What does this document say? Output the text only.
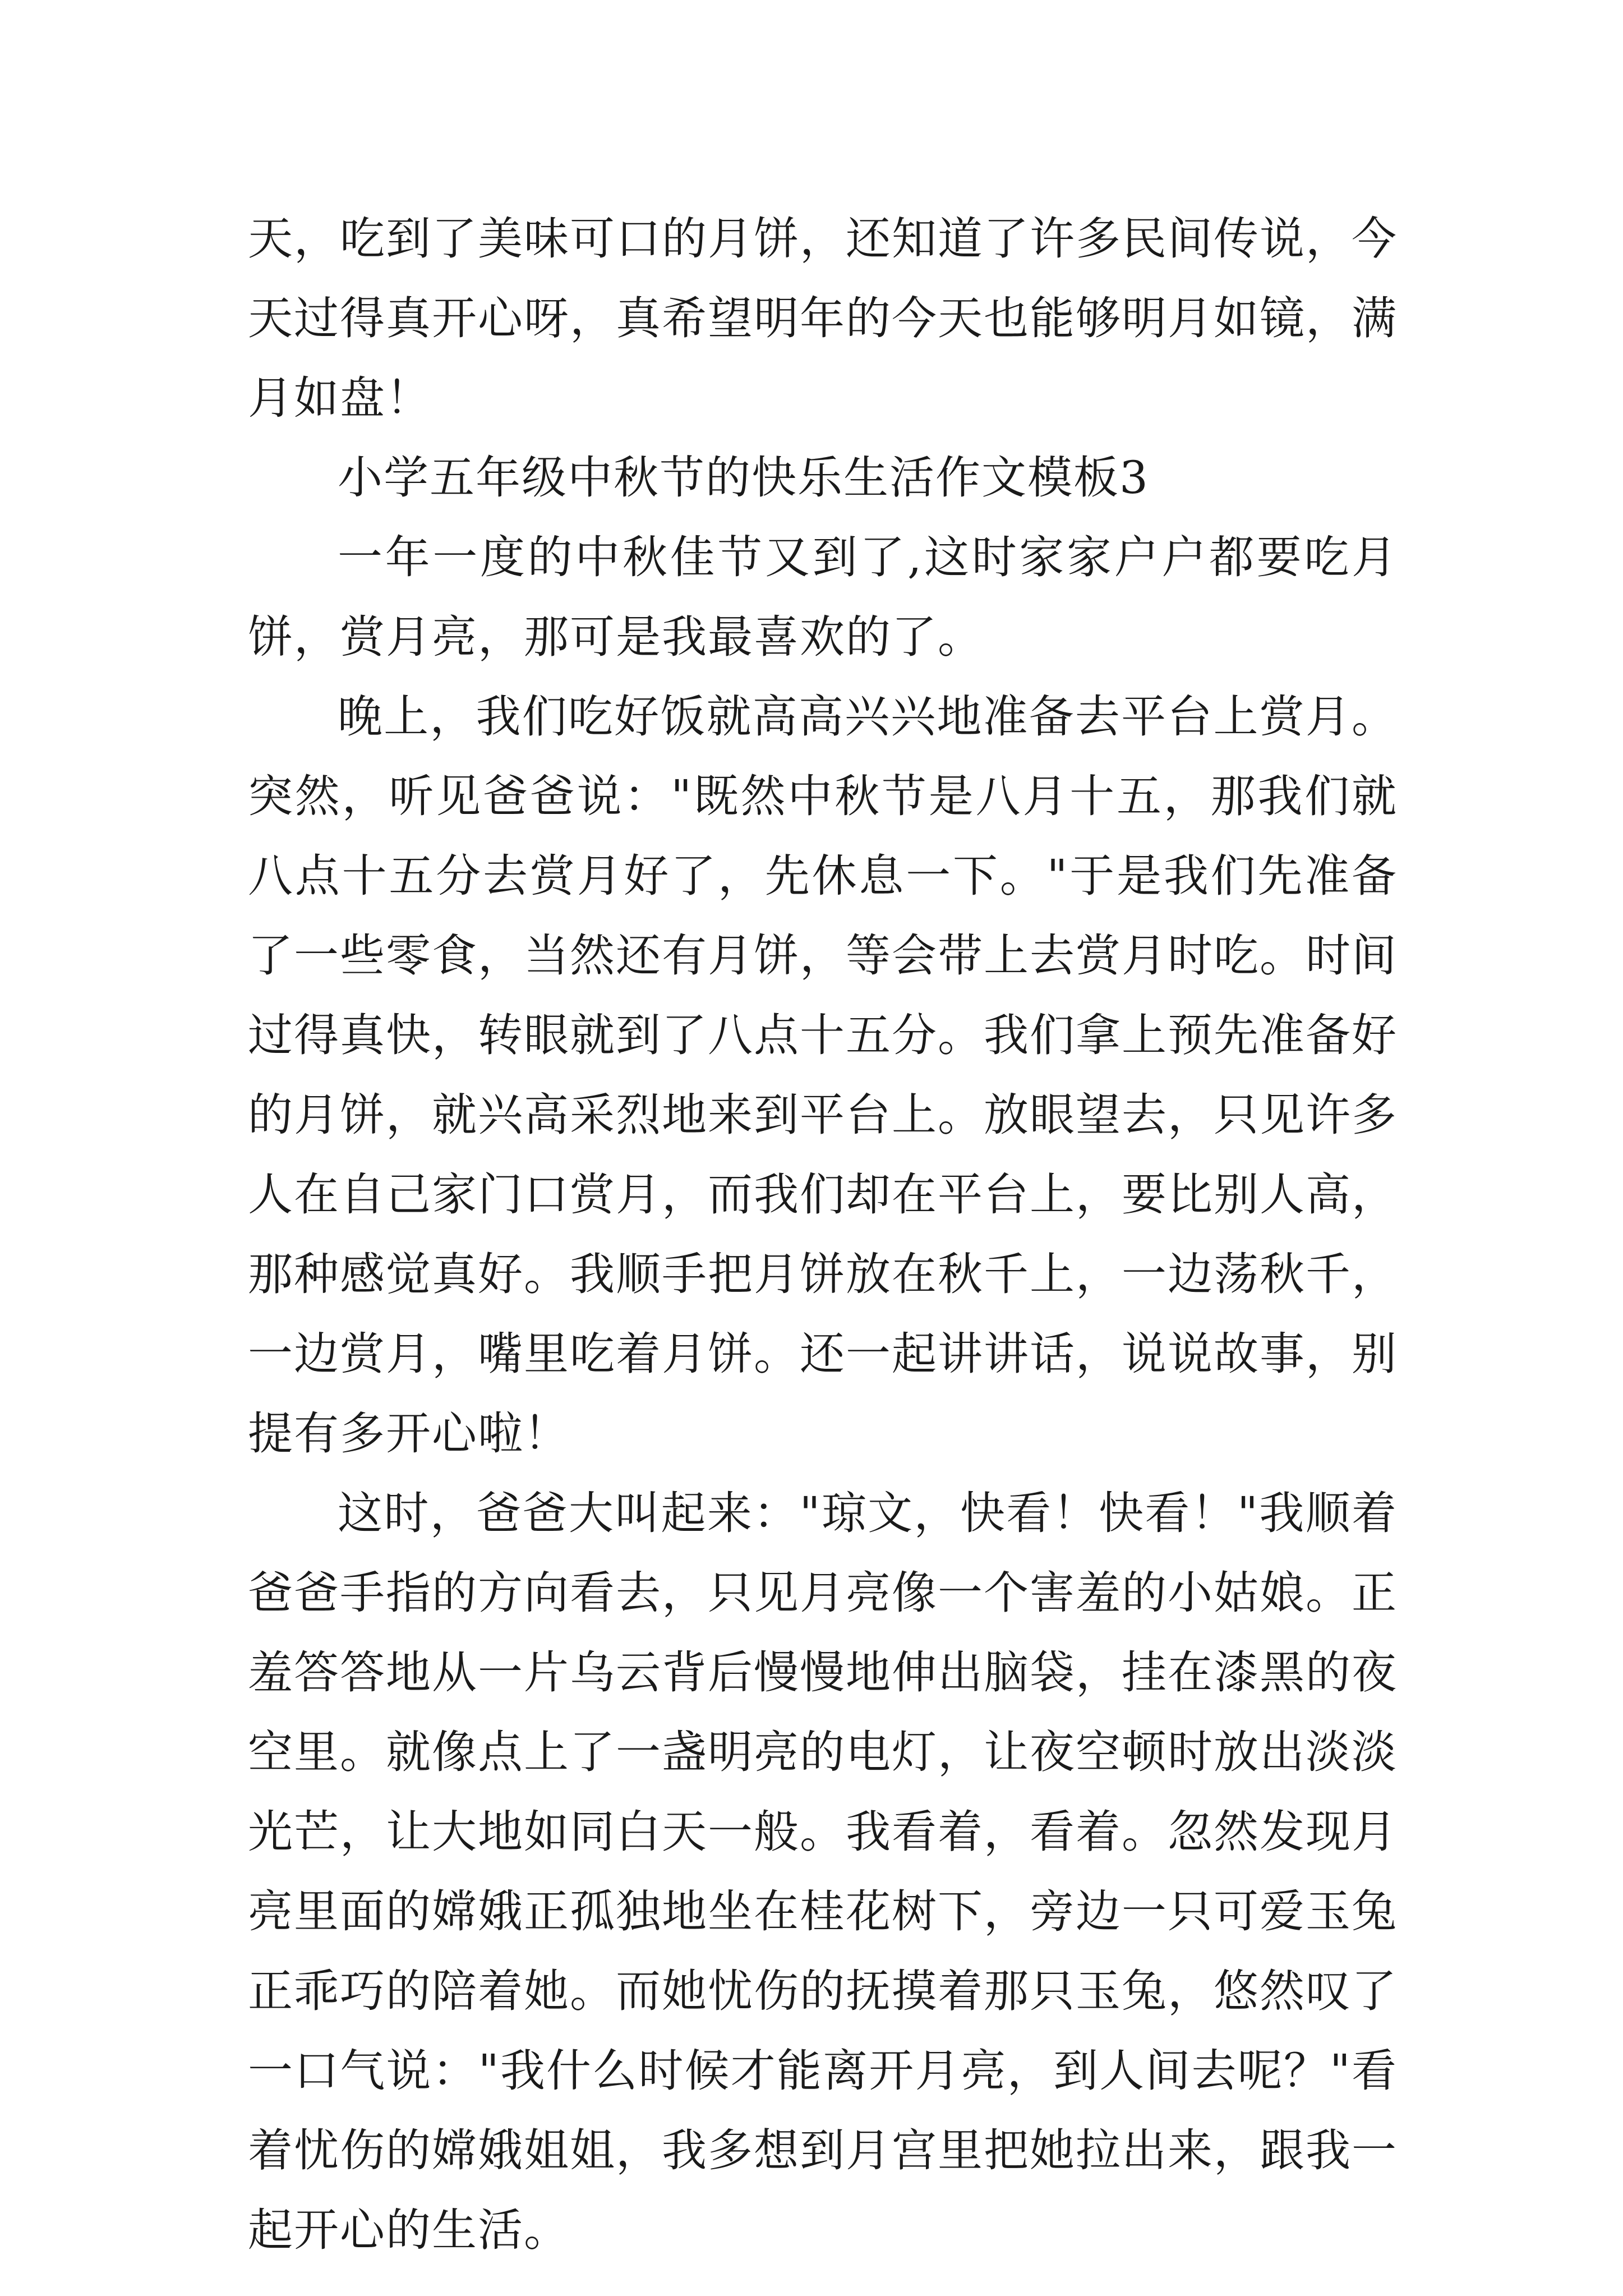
天，吃到了美味可口的月饼，还知道了许多民间传说，今天过得真开心呀，真希望明年的今天也能够明月如镜，满月如盘！

小学五年级中秋节的快乐生活作文模板3

一年一度的中秋佳节又到了,这时家家户户都要吃月饼，赏月亮，那可是我最喜欢的了。

晚上，我们吃好饭就高高兴兴地准备去平台上赏月。突然，听见爸爸说："既然中秋节是八月十五，那我们就八点十五分去赏月好了，先休息一下。"于是我们先准备了一些零食，当然还有月饼，等会带上去赏月时吃。时间过得真快，转眼就到了八点十五分。我们拿上预先准备好的月饼，就兴高采烈地来到平台上。放眼望去，只见许多人在自己家门口赏月，而我们却在平台上，要比别人高，那种感觉真好。我顺手把月饼放在秋千上，一边荡秋千，一边赏月，嘴里吃着月饼。还一起讲讲话，说说故事，别提有多开心啦！

这时，爸爸大叫起来："琼文，快看！快看！"我顺着爸爸手指的方向看去，只见月亮像一个害羞的小姑娘。正羞答答地从一片乌云背后慢慢地伸出脑袋，挂在漆黑的夜空里。就像点上了一盏明亮的电灯，让夜空顿时放出淡淡光芒，让大地如同白天一般。我看着，看着。忽然发现月亮里面的嫦娥正孤独地坐在桂花树下，旁边一只可爱玉兔正乖巧的陪着她。而她忧伤的抚摸着那只玉兔，悠然叹了一口气说："我什么时候才能离开月亮，到人间去呢？"看着忧伤的嫦娥姐姐，我多想到月宫里把她拉出来，跟我一起开心的生活。
